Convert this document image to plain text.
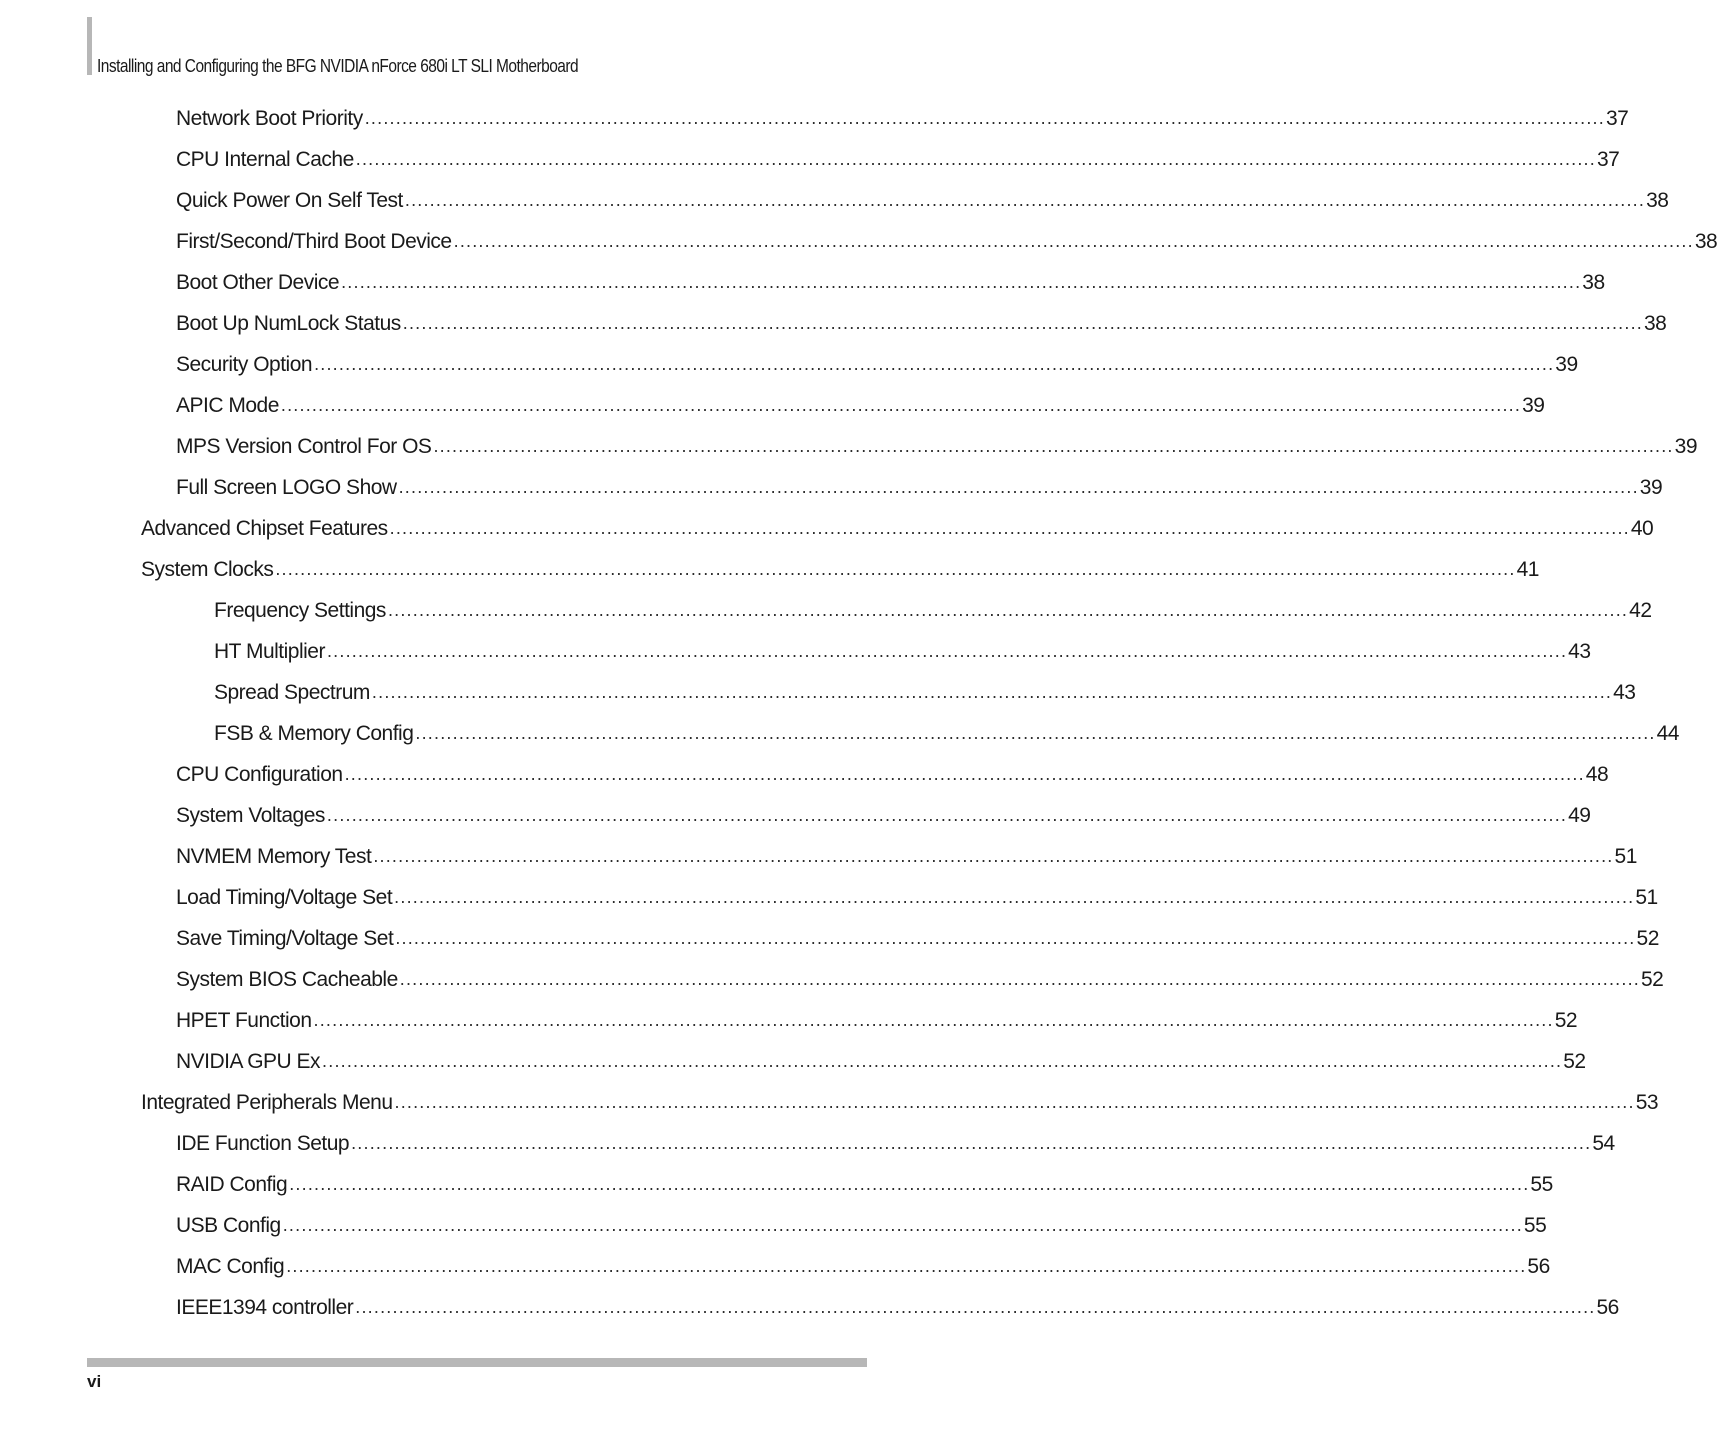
Installing and Configuring the BFG NVIDIA nForce 680i LT SLI Motherboard
Network Boot Priority ........................................................................................................................................................................................................ 37
CPU Internal Cache ........................................................................................................................................................................................................ 37
Quick Power On Self Test ........................................................................................................................................................................................................ 38
First/Second/Third Boot Device ........................................................................................................................................................................................................ 38
Boot Other Device ........................................................................................................................................................................................................ 38
Boot Up NumLock Status ........................................................................................................................................................................................................ 38
Security Option ........................................................................................................................................................................................................ 39
APIC Mode ........................................................................................................................................................................................................ 39
MPS Version Control For OS ........................................................................................................................................................................................................ 39
Full Screen LOGO Show ........................................................................................................................................................................................................ 39
Advanced Chipset Features ........................................................................................................................................................................................................ 40
System Clocks ........................................................................................................................................................................................................ 41
Frequency Settings ........................................................................................................................................................................................................ 42
HT Multiplier ........................................................................................................................................................................................................ 43
Spread Spectrum ........................................................................................................................................................................................................ 43
FSB & Memory Config ........................................................................................................................................................................................................ 44
CPU Configuration ........................................................................................................................................................................................................ 48
System Voltages ........................................................................................................................................................................................................ 49
NVMEM Memory Test ........................................................................................................................................................................................................ 51
Load Timing/Voltage Set ........................................................................................................................................................................................................ 51
Save Timing/Voltage Set ........................................................................................................................................................................................................ 52
System BIOS Cacheable ........................................................................................................................................................................................................ 52
HPET Function ........................................................................................................................................................................................................ 52
NVIDIA GPU Ex ........................................................................................................................................................................................................ 52
Integrated Peripherals Menu ........................................................................................................................................................................................................ 53
IDE Function Setup ........................................................................................................................................................................................................ 54
RAID Config ........................................................................................................................................................................................................ 55
USB Config ........................................................................................................................................................................................................ 55
MAC Config ........................................................................................................................................................................................................ 56
IEEE1394 controller ........................................................................................................................................................................................................ 56
vi
